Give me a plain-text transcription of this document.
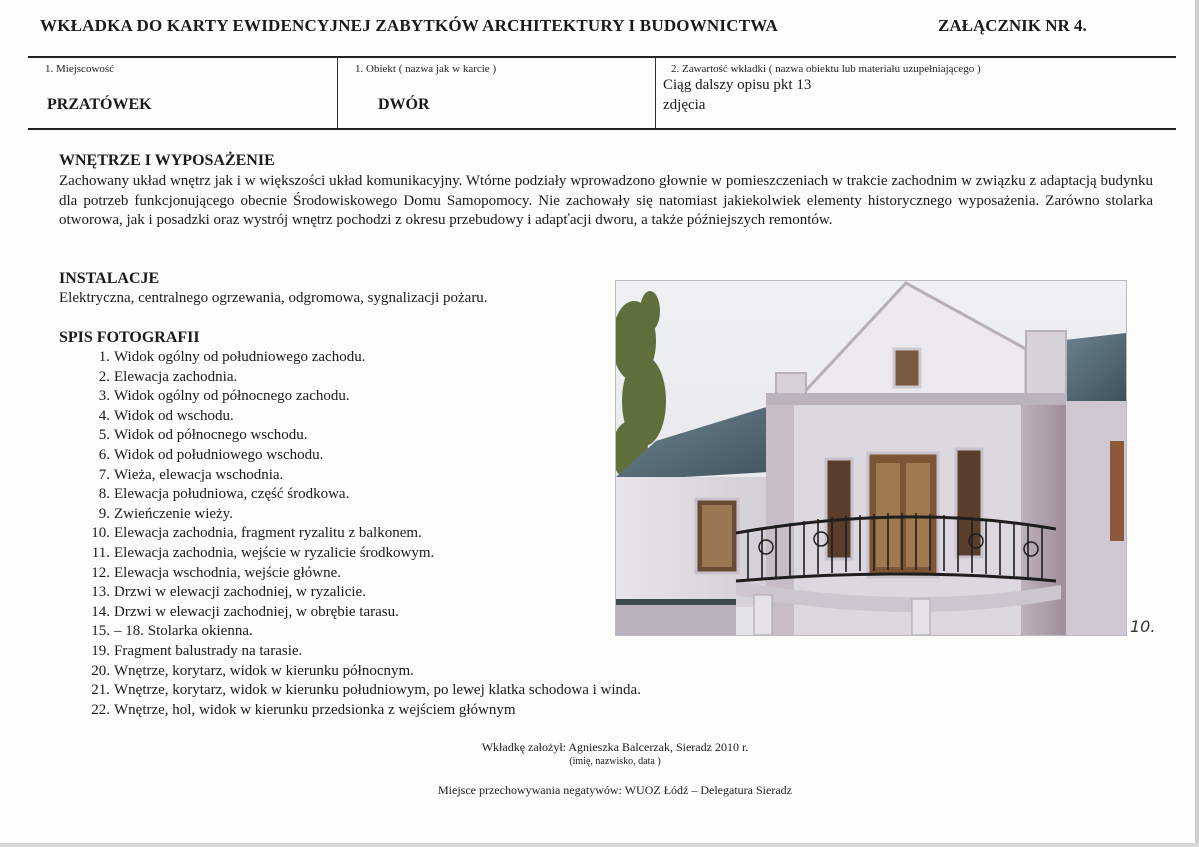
WKŁADKA DO KARTY EWIDENCYJNEJ ZABYTKÓW ARCHITEKTURY I BUDOWNICTWA	ZAŁĄCZNIK NR 4.
1. Miejscowość
PRZATÓWEK
1. Obiekt ( nazwa jak w karcie )
DWÓR
2. Zawartość wkładki ( nazwa obiektu lub materiału uzupełniającego )
Ciąg dalszy opisu pkt 13
zdjęcia
WNĘTRZE I WYPOSAŻENIE
Zachowany układ wnętrz jak i w większości układ komunikacyjny. Wtórne podziały wprowadzono głownie w pomieszczeniach w trakcie zachodnim w związku z adaptacją budynku dla potrzeb funkcjonującego obecnie Środowiskowego Domu Samopomocy. Nie zachowały się natomiast jakiekolwiek elementy historycznego wyposażenia. Zarówno stolarka otworowa, jak i posadzki oraz wystrój wnętrz pochodzi z okresu przebudowy i adapťacji dworu, a także późniejszych remontów.
INSTALACJE
Elektryczna, centralnego ogrzewania, odgromowa, sygnalizacji pożaru.
SPIS FOTOGRAFII
1. Widok ogólny od południowego zachodu.
2. Elewacja zachodnia.
3. Widok ogólny od północnego zachodu.
4. Widok od wschodu.
5. Widok od północnego wschodu.
6. Widok od południowego wschodu.
7. Wieża, elewacja wschodnia.
8. Elewacja południowa, część środkowa.
9. Zwieńczenie wieży.
10. Elewacja zachodnia, fragment ryzalitu z balkonem.
11. Elewacja zachodnia, wejście w ryzalicie środkowym.
12. Elewacja wschodnia, wejście główne.
13. Drzwi w elewacji zachodniej, w ryzalicie.
14. Drzwi w elewacji zachodniej, w obrębie tarasu.
15. – 18. Stolarka okienna.
19. Fragment balustrady na tarasie.
20. Wnętrze, korytarz, widok w kierunku północnym.
21. Wnętrze, korytarz, widok w kierunku południowym, po lewej klatka schodowa i winda.
22. Wnętrze, hol, widok w kierunku przedsionka z wejściem głównym
10.
Wkładkę założył: Agnieszka Balcerzak, Sieradz 2010 r.
(imię, nazwisko, data )
Miejsce przechowywania negatywów: WUOZ Łódź – Delegatura Sieradz
